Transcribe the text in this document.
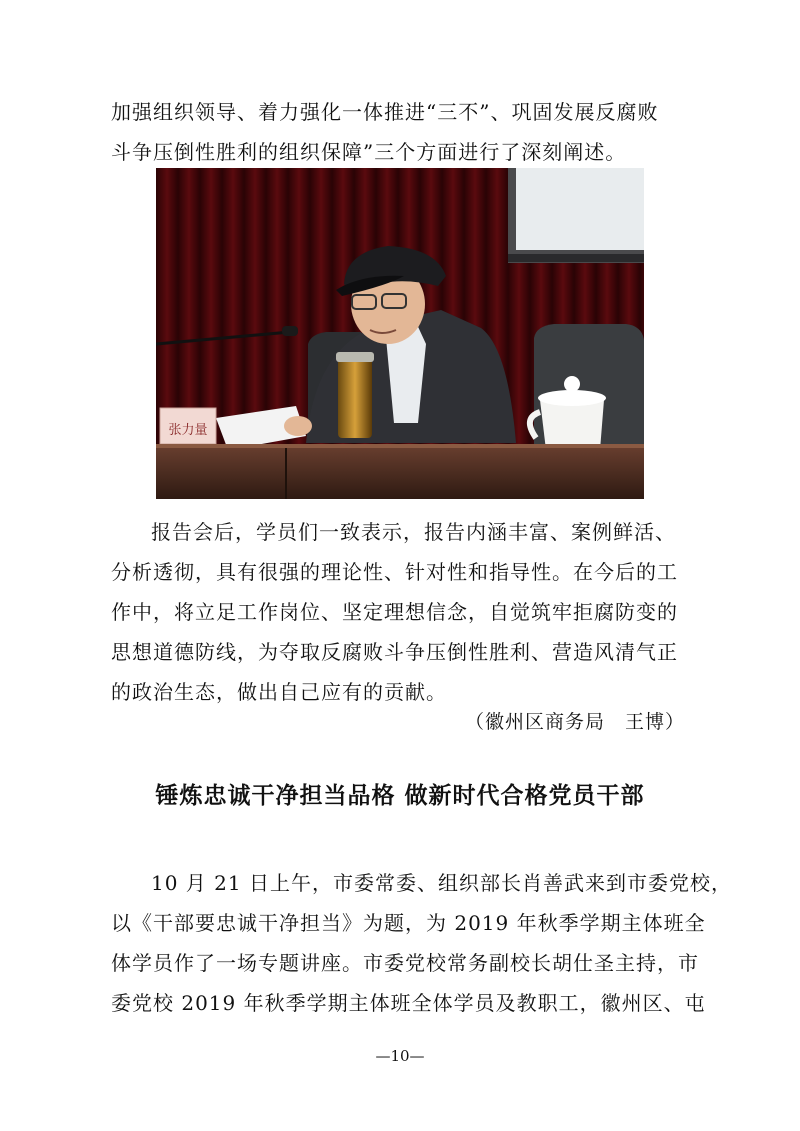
加强组织领导、着力强化一体推进“三不”、巩固发展反腐败
斗争压倒性胜利的组织保障”三个方面进行了深刻阐述。
张力量
报告会后，学员们一致表示，报告内涵丰富、案例鲜活、
分析透彻，具有很强的理论性、针对性和指导性。在今后的工
作中，将立足工作岗位、坚定理想信念，自觉筑牢拒腐防变的
思想道德防线，为夺取反腐败斗争压倒性胜利、营造风清气正
的政治生态，做出自己应有的贡献。
（徽州区商务局　王博）
锤炼忠诚干净担当品格 做新时代合格党员干部
10 月 21 日上午，市委常委、组织部长肖善武来到市委党校，
以《干部要忠诚干净担当》为题，为 2019 年秋季学期主体班全
体学员作了一场专题讲座。市委党校常务副校长胡仕圣主持，市
委党校 2019 年秋季学期主体班全体学员及教职工，徽州区、屯
—10—
